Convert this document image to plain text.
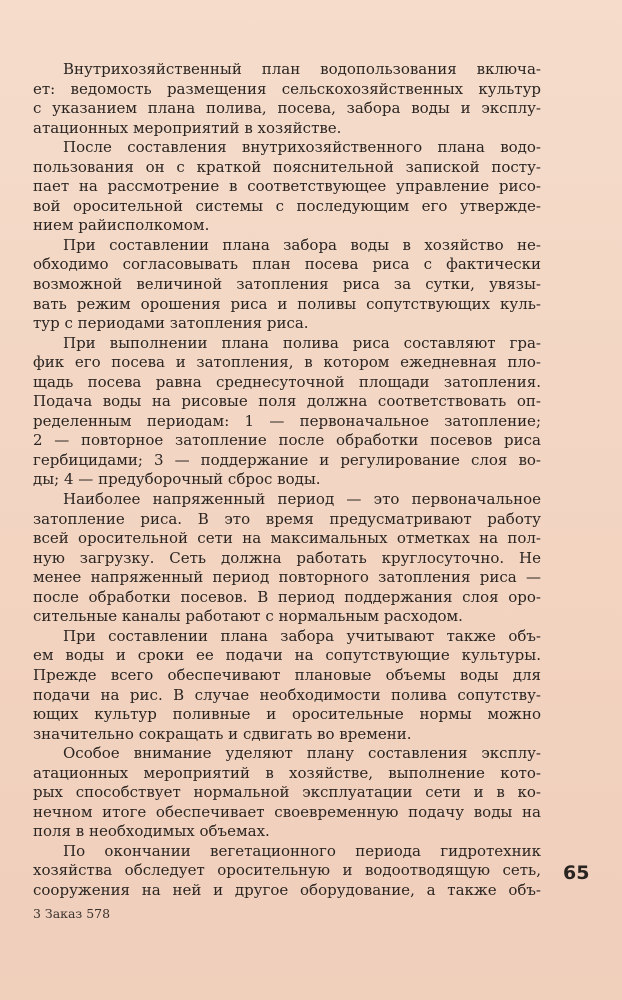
Внутрихозяйственный план водопользования включа-
ет: ведомость размещения сельскохозяйственных культур
с указанием плана полива, посева, забора воды и эксплу-
атационных мероприятий в хозяйстве.
После составления внутрихозяйственного плана водо-
пользования он с краткой пояснительной запиской посту-
пает на рассмотрение в соответствующее управление рисо-
вой оросительной системы с последующим его утвержде-
нием райисполкомом.
При составлении плана забора воды в хозяйство не-
обходимо согласовывать план посева риса с фактически
возможной величиной затопления риса за сутки, увязы-
вать режим орошения риса и поливы сопутствующих куль-
тур с периодами затопления риса.
При выполнении плана полива риса составляют гра-
фик его посева и затопления, в котором ежедневная пло-
щадь посева равна среднесуточной площади затопления.
Подача воды на рисовые поля должна соответствовать оп-
ределенным периодам: 1 — первоначальное затопление;
2 — повторное затопление после обработки посевов риса
гербицидами; 3 — поддержание и регулирование слоя во-
ды; 4 — предуборочный сброс воды.
Наиболее напряженный период — это первоначальное
затопление риса. В это время предусматривают работу
всей оросительной сети на максимальных отметках на пол-
ную загрузку. Сеть должна работать круглосуточно. Не
менее напряженный период повторного затопления риса —
после обработки посевов. В период поддержания слоя оро-
сительные каналы работают с нормальным расходом.
При составлении плана забора учитывают также объ-
ем воды и сроки ее подачи на сопутствующие культуры.
Прежде всего обеспечивают плановые объемы воды для
подачи на рис. В случае необходимости полива сопутству-
ющих культур поливные и оросительные нормы можно
значительно сокращать и сдвигать во времени.
Особое внимание уделяют плану составления эксплу-
атационных мероприятий в хозяйстве, выполнение кото-
рых способствует нормальной эксплуатации сети и в ко-
нечном итоге обеспечивает своевременную подачу воды на
поля в необходимых объемах.
По окончании вегетационного периода гидротехник
хозяйства обследует оросительную и водоотводящую сеть,
сооружения на ней и другое оборудование, а также объ-
65
3 Заказ 578
